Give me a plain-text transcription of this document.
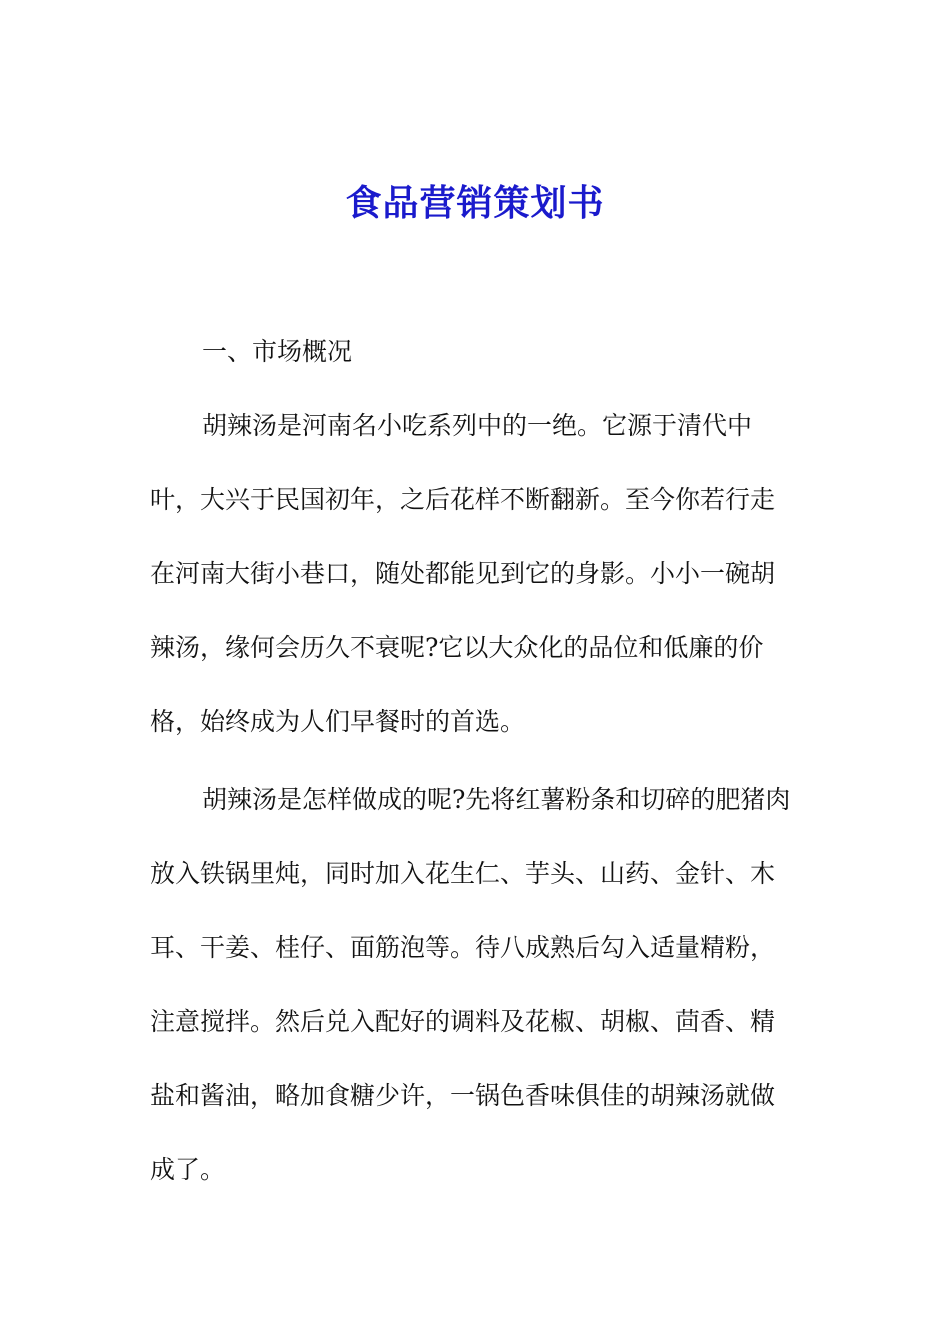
食品营销策划书

一、市场概况

胡辣汤是河南名小吃系列中的一绝。它源于清代中

叶，大兴于民国初年，之后花样不断翻新。至今你若行走

在河南大街小巷口，随处都能见到它的身影。小小一碗胡

辣汤，缘何会历久不衰呢?它以大众化的品位和低廉的价

格，始终成为人们早餐时的首选。

胡辣汤是怎样做成的呢?先将红薯粉条和切碎的肥猪肉

放入铁锅里炖，同时加入花生仁、芋头、山药、金针、木

耳、干姜、桂仔、面筋泡等。待八成熟后勾入适量精粉，

注意搅拌。然后兑入配好的调料及花椒、胡椒、茴香、精

盐和酱油，略加食糖少许，一锅色香味俱佳的胡辣汤就做

成了。
